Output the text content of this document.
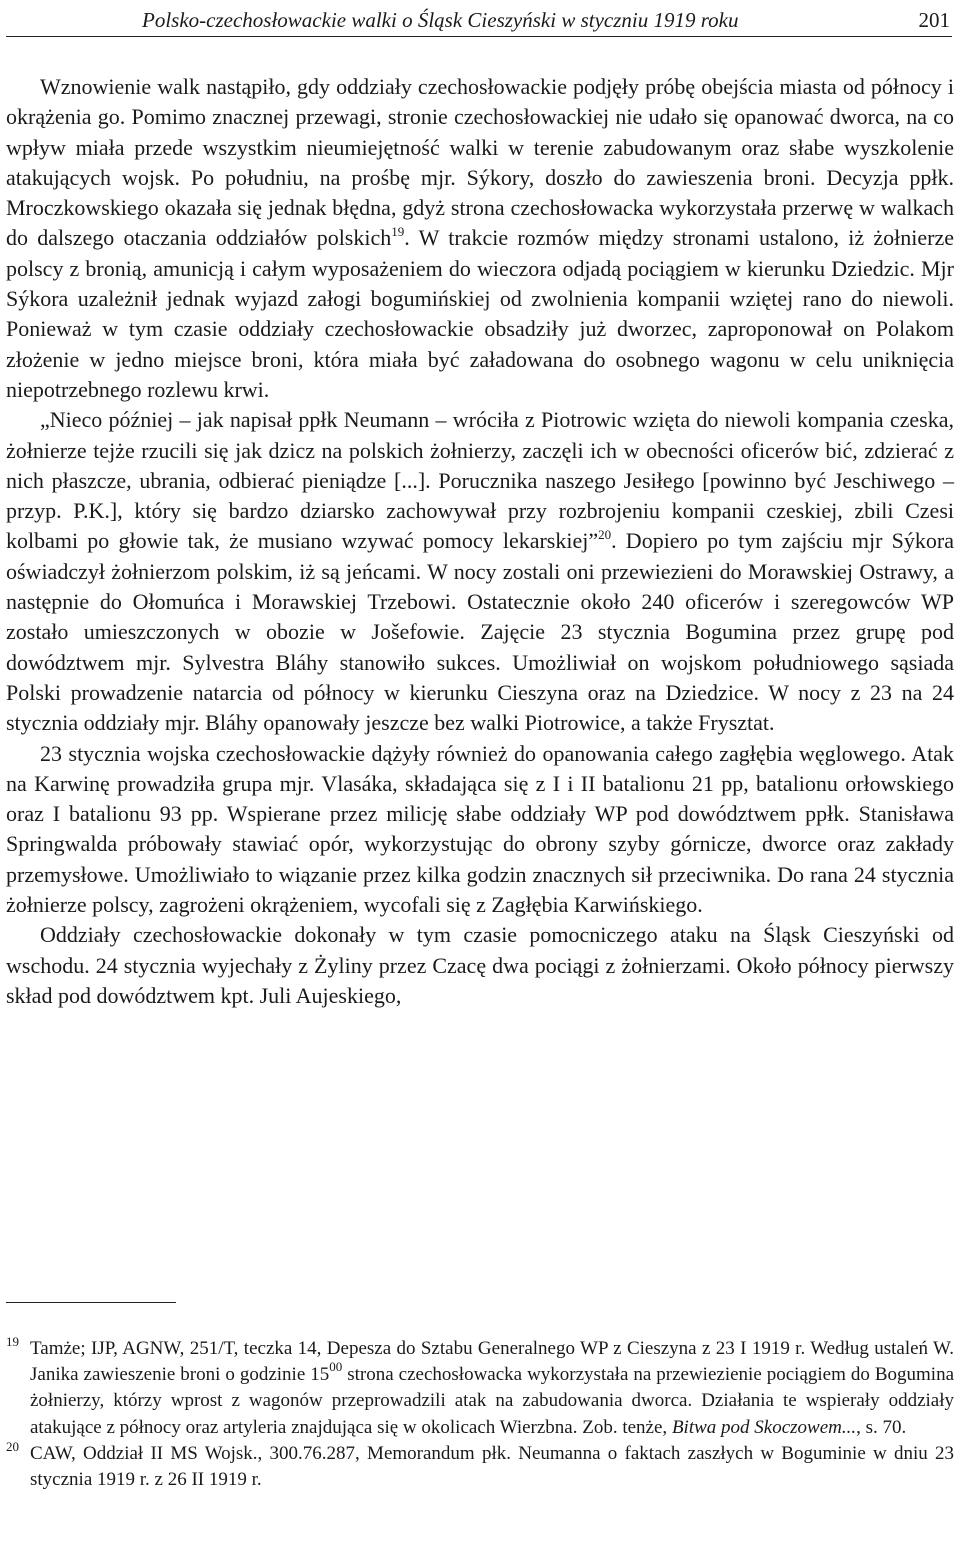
Polsko-czechosłowackie walki o Śląsk Cieszyński w styczniu 1919 roku	201

Wznowienie walk nastąpiło, gdy oddziały czechosłowackie podjęły próbę obejścia miasta od północy i okrążenia go. Pomimo znacznej przewagi, stronie czechosłowackiej nie udało się opanować dworca, na co wpływ miała przede wszystkim nieumiejętność walki w terenie zabudowanym oraz słabe wyszkolenie atakujących wojsk. Po południu, na prośbę mjr. Sýkory, doszło do zawieszenia broni. Decyzja ppłk. Mroczkowskiego okazała się jednak błędna, gdyż strona czechosłowacka wykorzystała przerwę w walkach do dalszego otaczania oddziałów polskich$^{19}$. W trakcie rozmów między stronami ustalono, iż żołnierze polscy z bronią, amunicją i całym wyposażeniem do wieczora odjadą pociągiem w kierunku Dziedzic. Mjr Sýkora uzależnił jednak wyjazd załogi bogumińskiej od zwolnienia kompanii wziętej rano do niewoli. Ponieważ w tym czasie oddziały czechosłowackie obsadziły już dworzec, zaproponował on Polakom złożenie w jedno miejsce broni, która miała być załadowana do osobnego wagonu w celu uniknięcia niepotrzebnego rozlewu krwi.

„Nieco później – jak napisał ppłk Neumann – wróciła z Piotrowic wzięta do niewoli kompania czeska, żołnierze tejże rzucili się jak dzicz na polskich żołnierzy, zaczęli ich w obecności oficerów bić, zdzierać z nich płaszcze, ubrania, odbierać pieniądze [...]. Porucznika naszego Jesiłego [powinno być Jeschiwego – przyp. P.K.], który się bardzo dziarsko zachowywał przy rozbrojeniu kompanii czeskiej, zbili Czesi kolbami po głowie tak, że musiano wzywać pomocy lekarskiej”$^{20}$. Dopiero po tym zajściu mjr Sýkora oświadczył żołnierzom polskim, iż są jeńcami. W nocy zostali oni przewiezieni do Morawskiej Ostrawy, a następnie do Ołomuńca i Morawskiej Trzebowi. Ostatecznie około 240 oficerów i szeregowców WP zostało umieszczonych w obozie w Jošefowie. Zajęcie 23 stycznia Bogumina przez grupę pod dowództwem mjr. Sylvestra Bláhy stanowiło sukces. Umożliwiał on wojskom południowego sąsiada Polski prowadzenie natarcia od północy w kierunku Cieszyna oraz na Dziedzice. W nocy z 23 na 24 stycznia oddziały mjr. Bláhy opanowały jeszcze bez walki Piotrowice, a także Frysztat.

23 stycznia wojska czechosłowackie dążyły również do opanowania całego zagłębia węglowego. Atak na Karwinę prowadziła grupa mjr. Vlasáka, składająca się z I i II batalionu 21 pp, batalionu orłowskiego oraz I batalionu 93 pp. Wspierane przez milicję słabe oddziały WP pod dowództwem ppłk. Stanisława Springwalda próbowały stawiać opór, wykorzystując do obrony szyby górnicze, dworce oraz zakłady przemysłowe. Umożliwiało to wiązanie przez kilka godzin znacznych sił przeciwnika. Do rana 24 stycznia żołnierze polscy, zagrożeni okrążeniem, wycofali się z Zagłębia Karwińskiego.

Oddziały czechosłowackie dokonały w tym czasie pomocniczego ataku na Śląsk Cieszyński od wschodu. 24 stycznia wyjechały z Żyliny przez Czacę dwa pociągi z żołnierzami. Około północy pierwszy skład pod dowództwem kpt. Juli Aujeskiego,

19 Tamże; IJP, AGNW, 251/T, teczka 14, Depesza do Sztabu Generalnego WP z Cieszyna z 23 I 1919 r. Według ustaleń W. Janika zawieszenie broni o godzinie $15^{00}$ strona czechosłowacka wykorzystała na przewiezienie pociągiem do Bogumina żołnierzy, którzy wprost z wagonów przeprowadzili atak na zabudowania dworca. Działania te wspierały oddziały atakujące z północy oraz artyleria znajdująca się w okolicach Wierzbna. Zob. tenże, Bitwa pod Skoczowem..., s. 70.
20 CAW, Oddział II MS Wojsk., 300.76.287, Memorandum płk. Neumanna o faktach zaszłych w Boguminie w dniu 23 stycznia 1919 r. z 26 II 1919 r.
